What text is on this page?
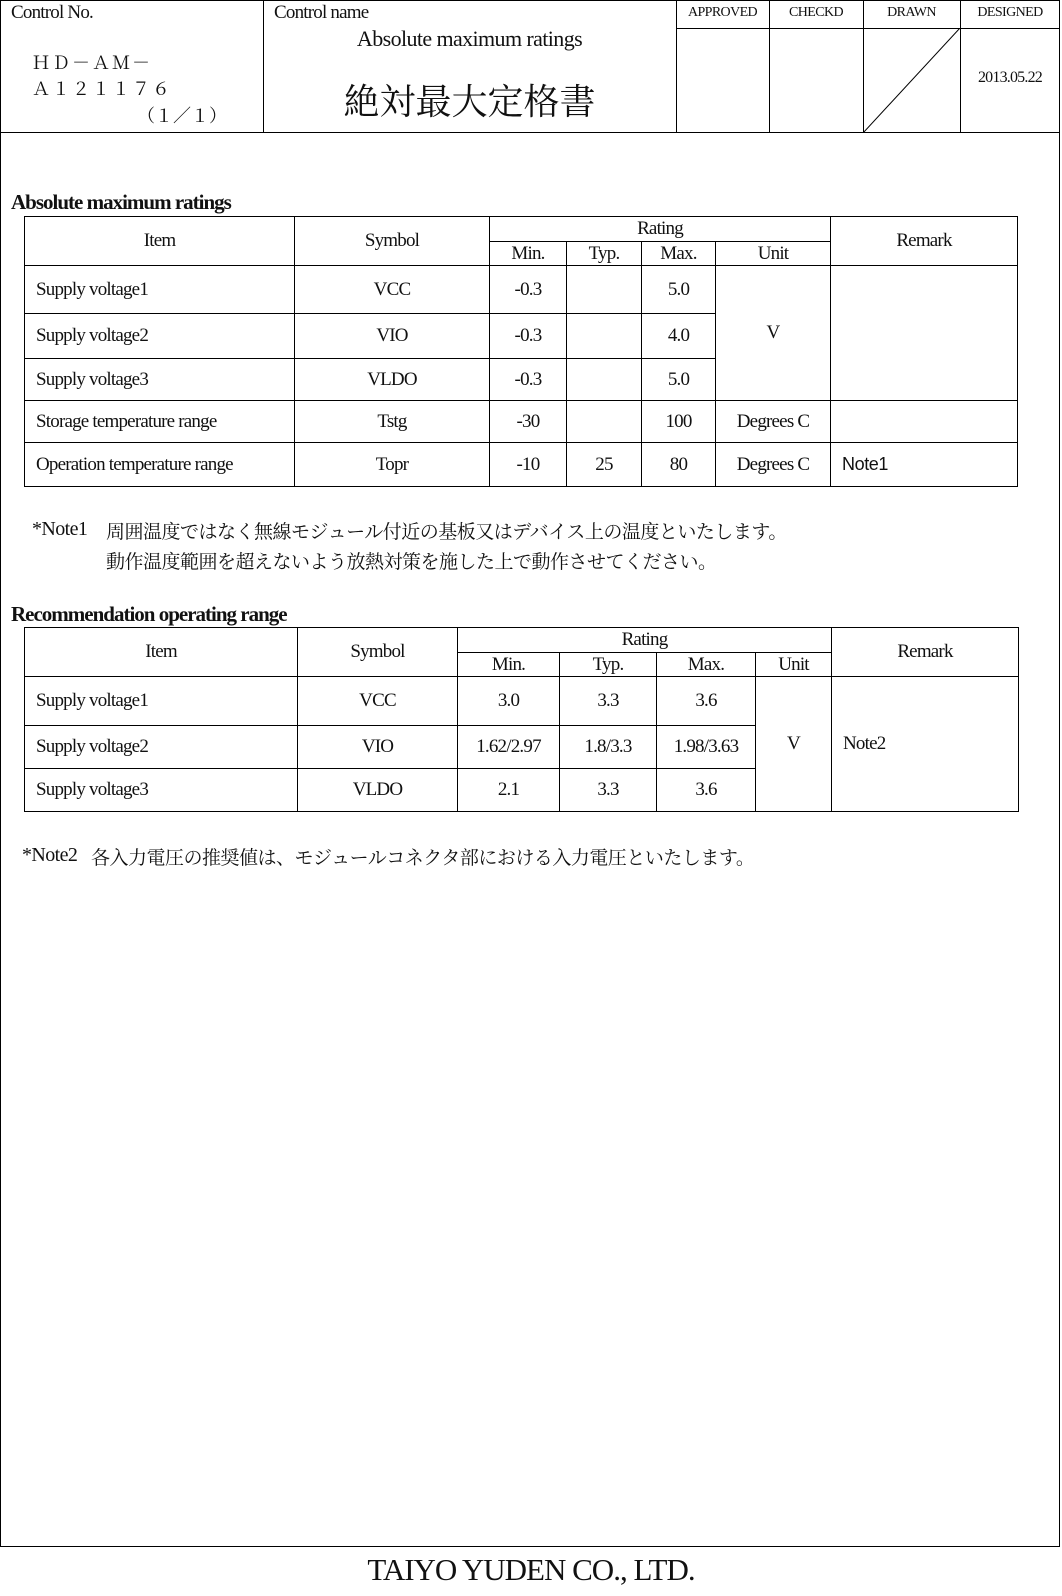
Control No.
ＨＤ－ＡＭ－
Ａ１２１１７６
（１／１）
Control name
Absolute maximum ratings
絶対最大定格書
APPROVED	CHECKD	DRAWN	DESIGNED
2013.05.22
Absolute maximum ratings
Item	Symbol	Rating				Remark
		Min.	Typ.	Max.	Unit	
Supply voltage1	VCC	-0.3		5.0	V	
Supply voltage2	VIO	-0.3		4.0		
Supply voltage3	VLDO	-0.3		5.0		
Storage temperature range	Tstg	-30		100	Degrees C	
Operation temperature range	Topr	-10	25	80	Degrees C	Note1
*Note1 周囲温度ではなく無線モジュール付近の基板又はデバイス上の温度といたします。
動作温度範囲を超えないよう放熱対策を施した上で動作させてください。
Recommendation operating range
Item	Symbol	Rating				Remark
		Min.	Typ.	Max.	Unit	
Supply voltage1	VCC	3.0	3.3	3.6	V	Note2
Supply voltage2	VIO	1.62/2.97	1.8/3.3	1.98/3.63		
Supply voltage3	VLDO	2.1	3.3	3.6		
*Note2 各入力電圧の推奨値は、モジュールコネクタ部における入力電圧といたします。
TAIYO YUDEN CO., LTD.
